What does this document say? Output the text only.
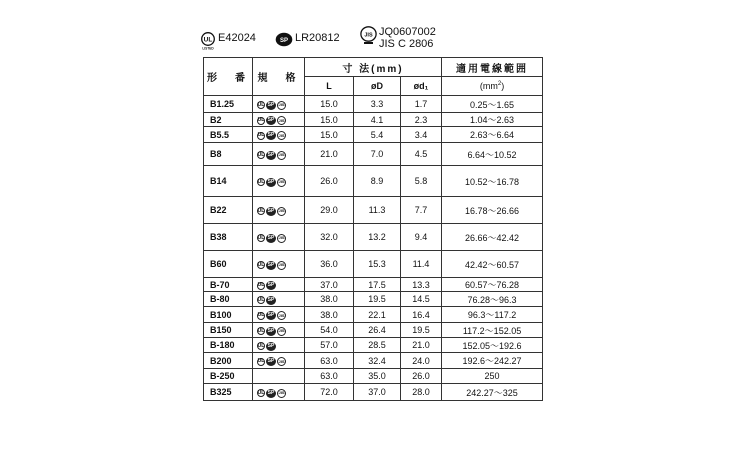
UL
LISTED
E42024	SP LR20812	JIS JQ0607002
JIS C 2806
形　番	規　格	寸 法(mm)			適用電線範囲
		L	øD	ød₁	$(mm^2)$
B1.25	UL SP JIS	15.0	3.3	1.7	0.25～1.65
B2	UL SP JIS	15.0	4.1	2.3	1.04～2.63
B5.5	UL SP JIS	15.0	5.4	3.4	2.63～6.64
B8	UL SP JIS	21.0	7.0	4.5	6.64～10.52
B14	UL SP JIS	26.0	8.9	5.8	10.52～16.78
B22	UL SP JIS	29.0	11.3	7.7	16.78～26.66
B38	UL SP JIS	32.0	13.2	9.4	26.66～42.42
B60	UL SP JIS	36.0	15.3	11.4	42.42～60.57
B-70	UL SP	37.0	17.5	13.3	60.57～76.28
B-80	UL SP	38.0	19.5	14.5	76.28～96.3
B100	UL SP JIS	38.0	22.1	16.4	96.3～117.2
B150	UL SP JIS	54.0	26.4	19.5	117.2～152.05
B-180	UL SP	57.0	28.5	21.0	152.05～192.6
B200	UL SP JIS	63.0	32.4	24.0	192.6～242.27
B-250		63.0	35.0	26.0	250
B325	UL SP JIS	72.0	37.0	28.0	242.27～325
